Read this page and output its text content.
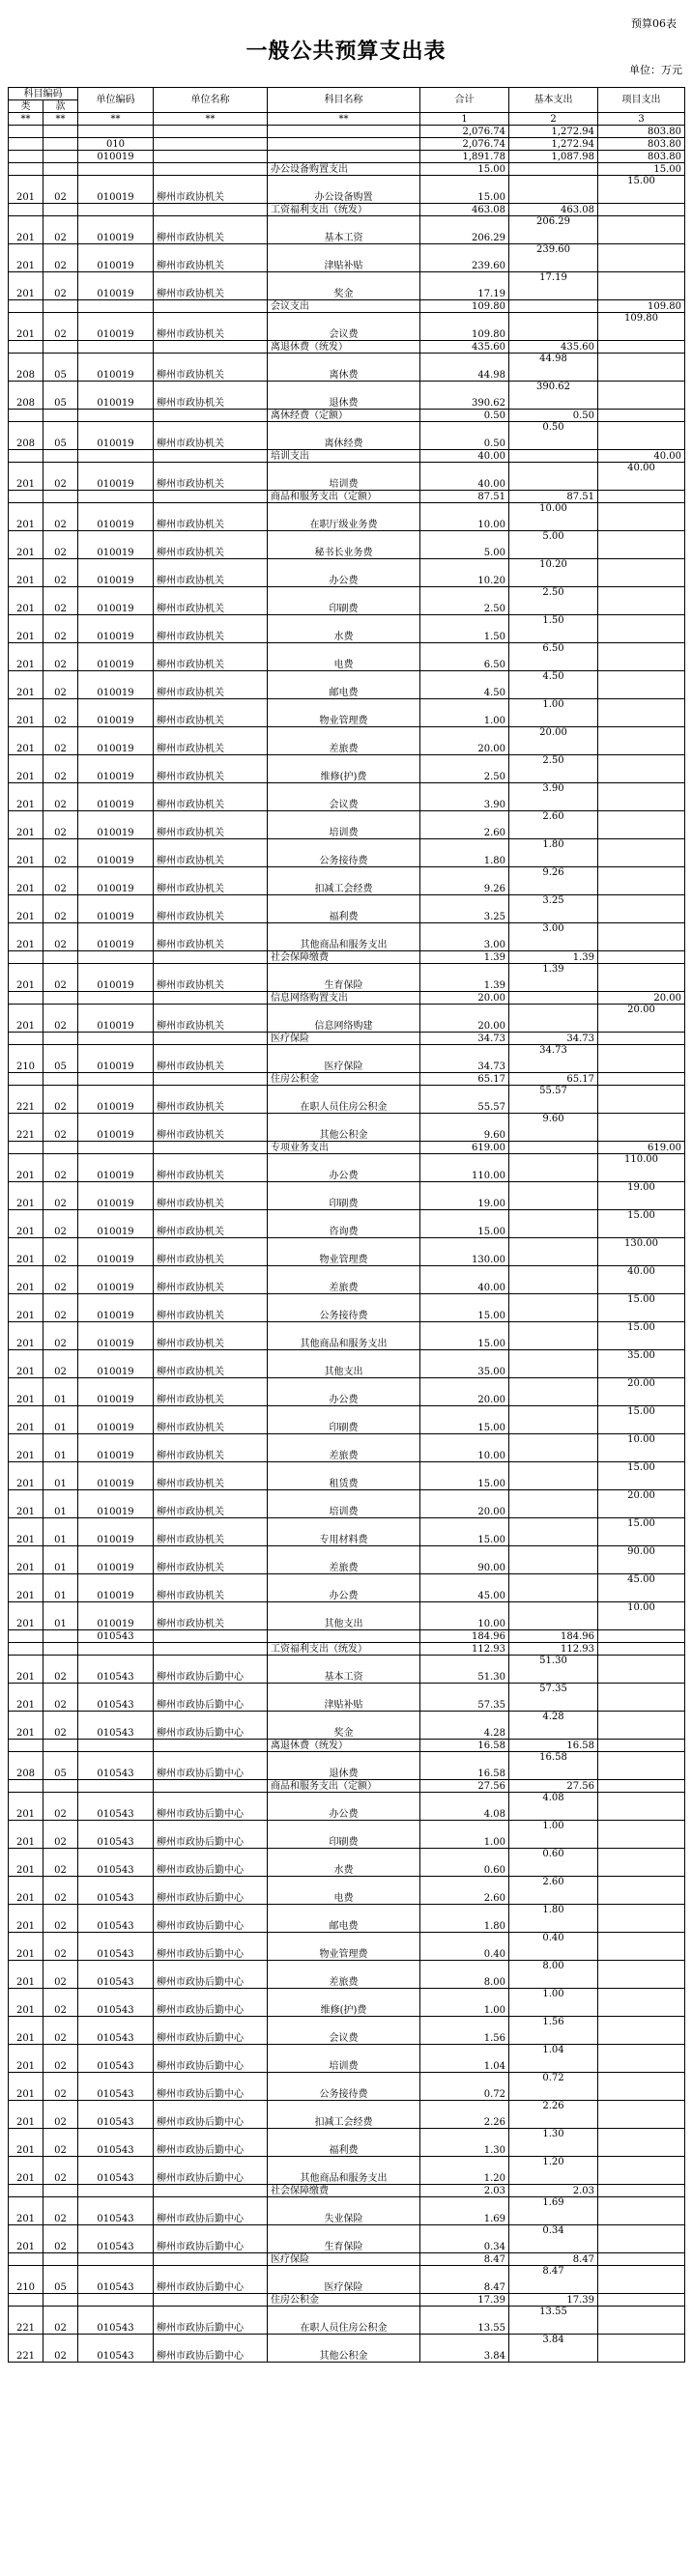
预算06表
一般公共预算支出表
单位：万元
科目编码		单位编码	单位名称	科目名称	合计	基本支出	项目支出
类	款						
**	**	**	**	**	1	2	3
					2,076.74	1,272.94	803.80
		010			2,076.74	1,272.94	803.80
		010019			1,891.78	1,087.98	803.80
				办公设备购置支出	15.00		15.00
201	02	010019	柳州市政协机关	办公设备购置	15.00		15.00
				工资福利支出（统发）	463.08	463.08	
201	02	010019	柳州市政协机关	基本工资	206.29	206.29	
201	02	010019	柳州市政协机关	津贴补贴	239.60	239.60	
201	02	010019	柳州市政协机关	奖金	17.19	17.19	
				会议支出	109.80		109.80
201	02	010019	柳州市政协机关	会议费	109.80		109.80
				离退休费（统发）	435.60	435.60	
208	05	010019	柳州市政协机关	离休费	44.98	44.98	
208	05	010019	柳州市政协机关	退休费	390.62	390.62	
				离休经费（定额）	0.50	0.50	
208	05	010019	柳州市政协机关	离休经费	0.50	0.50	
				培训支出	40.00		40.00
201	02	010019	柳州市政协机关	培训费	40.00		40.00
				商品和服务支出（定额）	87.51	87.51	
201	02	010019	柳州市政协机关	在职厅级业务费	10.00	10.00	
201	02	010019	柳州市政协机关	秘书长业务费	5.00	5.00	
201	02	010019	柳州市政协机关	办公费	10.20	10.20	
201	02	010019	柳州市政协机关	印刷费	2.50	2.50	
201	02	010019	柳州市政协机关	水费	1.50	1.50	
201	02	010019	柳州市政协机关	电费	6.50	6.50	
201	02	010019	柳州市政协机关	邮电费	4.50	4.50	
201	02	010019	柳州市政协机关	物业管理费	1.00	1.00	
201	02	010019	柳州市政协机关	差旅费	20.00	20.00	
201	02	010019	柳州市政协机关	维修(护)费	2.50	2.50	
201	02	010019	柳州市政协机关	会议费	3.90	3.90	
201	02	010019	柳州市政协机关	培训费	2.60	2.60	
201	02	010019	柳州市政协机关	公务接待费	1.80	1.80	
201	02	010019	柳州市政协机关	扣减工会经费	9.26	9.26	
201	02	010019	柳州市政协机关	福利费	3.25	3.25	
201	02	010019	柳州市政协机关	其他商品和服务支出	3.00	3.00	
				社会保障缴费	1.39	1.39	
201	02	010019	柳州市政协机关	生育保险	1.39	1.39	
				信息网络购置支出	20.00		20.00
201	02	010019	柳州市政协机关	信息网络购建	20.00		20.00
				医疗保险	34.73	34.73	
210	05	010019	柳州市政协机关	医疗保险	34.73	34.73	
				住房公积金	65.17	65.17	
221	02	010019	柳州市政协机关	在职人员住房公积金	55.57	55.57	
221	02	010019	柳州市政协机关	其他公积金	9.60	9.60	
				专项业务支出	619.00		619.00
201	02	010019	柳州市政协机关	办公费	110.00		110.00
201	02	010019	柳州市政协机关	印刷费	19.00		19.00
201	02	010019	柳州市政协机关	咨询费	15.00		15.00
201	02	010019	柳州市政协机关	物业管理费	130.00		130.00
201	02	010019	柳州市政协机关	差旅费	40.00		40.00
201	02	010019	柳州市政协机关	公务接待费	15.00		15.00
201	02	010019	柳州市政协机关	其他商品和服务支出	15.00		15.00
201	02	010019	柳州市政协机关	其他支出	35.00		35.00
201	01	010019	柳州市政协机关	办公费	20.00		20.00
201	01	010019	柳州市政协机关	印刷费	15.00		15.00
201	01	010019	柳州市政协机关	差旅费	10.00		10.00
201	01	010019	柳州市政协机关	租赁费	15.00		15.00
201	01	010019	柳州市政协机关	培训费	20.00		20.00
201	01	010019	柳州市政协机关	专用材料费	15.00		15.00
201	01	010019	柳州市政协机关	差旅费	90.00		90.00
201	01	010019	柳州市政协机关	办公费	45.00		45.00
201	01	010019	柳州市政协机关	其他支出	10.00		10.00
		010543			184.96	184.96	
				工资福利支出（统发）	112.93	112.93	
201	02	010543	柳州市政协后勤中心	基本工资	51.30	51.30	
201	02	010543	柳州市政协后勤中心	津贴补贴	57.35	57.35	
201	02	010543	柳州市政协后勤中心	奖金	4.28	4.28	
				离退休费（统发）	16.58	16.58	
208	05	010543	柳州市政协后勤中心	退休费	16.58	16.58	
				商品和服务支出（定额）	27.56	27.56	
201	02	010543	柳州市政协后勤中心	办公费	4.08	4.08	
201	02	010543	柳州市政协后勤中心	印刷费	1.00	1.00	
201	02	010543	柳州市政协后勤中心	水费	0.60	0.60	
201	02	010543	柳州市政协后勤中心	电费	2.60	2.60	
201	02	010543	柳州市政协后勤中心	邮电费	1.80	1.80	
201	02	010543	柳州市政协后勤中心	物业管理费	0.40	0.40	
201	02	010543	柳州市政协后勤中心	差旅费	8.00	8.00	
201	02	010543	柳州市政协后勤中心	维修(护)费	1.00	1.00	
201	02	010543	柳州市政协后勤中心	会议费	1.56	1.56	
201	02	010543	柳州市政协后勤中心	培训费	1.04	1.04	
201	02	010543	柳州市政协后勤中心	公务接待费	0.72	0.72	
201	02	010543	柳州市政协后勤中心	扣减工会经费	2.26	2.26	
201	02	010543	柳州市政协后勤中心	福利费	1.30	1.30	
201	02	010543	柳州市政协后勤中心	其他商品和服务支出	1.20	1.20	
				社会保障缴费	2.03	2.03	
201	02	010543	柳州市政协后勤中心	失业保险	1.69	1.69	
201	02	010543	柳州市政协后勤中心	生育保险	0.34	0.34	
				医疗保险	8.47	8.47	
210	05	010543	柳州市政协后勤中心	医疗保险	8.47	8.47	
				住房公积金	17.39	17.39	
221	02	010543	柳州市政协后勤中心	在职人员住房公积金	13.55	13.55	
221	02	010543	柳州市政协后勤中心	其他公积金	3.84	3.84	
